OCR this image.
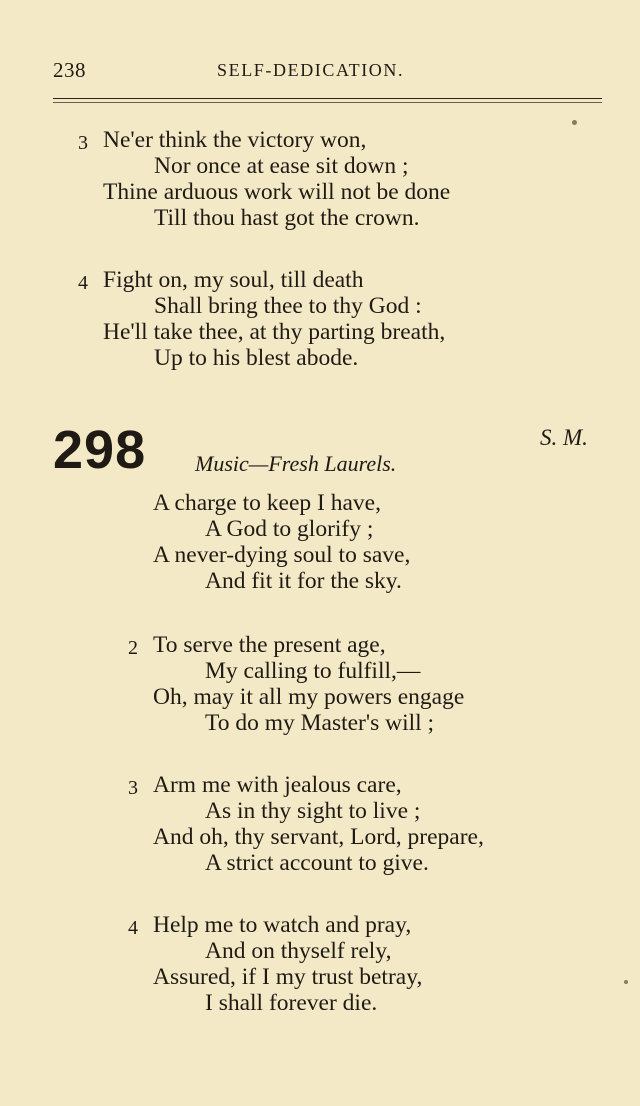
238	SELF-DEDICATION.
3 Ne'er think the victory won,
Nor once at ease sit down ;
Thine arduous work will not be done
Till thou hast got the crown.
4 Fight on, my soul, till death
Shall bring thee to thy God :
He'll take thee, at thy parting breath,
Up to his blest abode.
298	S. M.
Music—Fresh Laurels.
A charge to keep I have,
A God to glorify ;
A never-dying soul to save,
And fit it for the sky.
2 To serve the present age,
My calling to fulfill,—
Oh, may it all my powers engage
To do my Master's will ;
3 Arm me with jealous care,
As in thy sight to live ;
And oh, thy servant, Lord, prepare,
A strict account to give.
4 Help me to watch and pray,
And on thyself rely,
Assured, if I my trust betray,
I shall forever die.
